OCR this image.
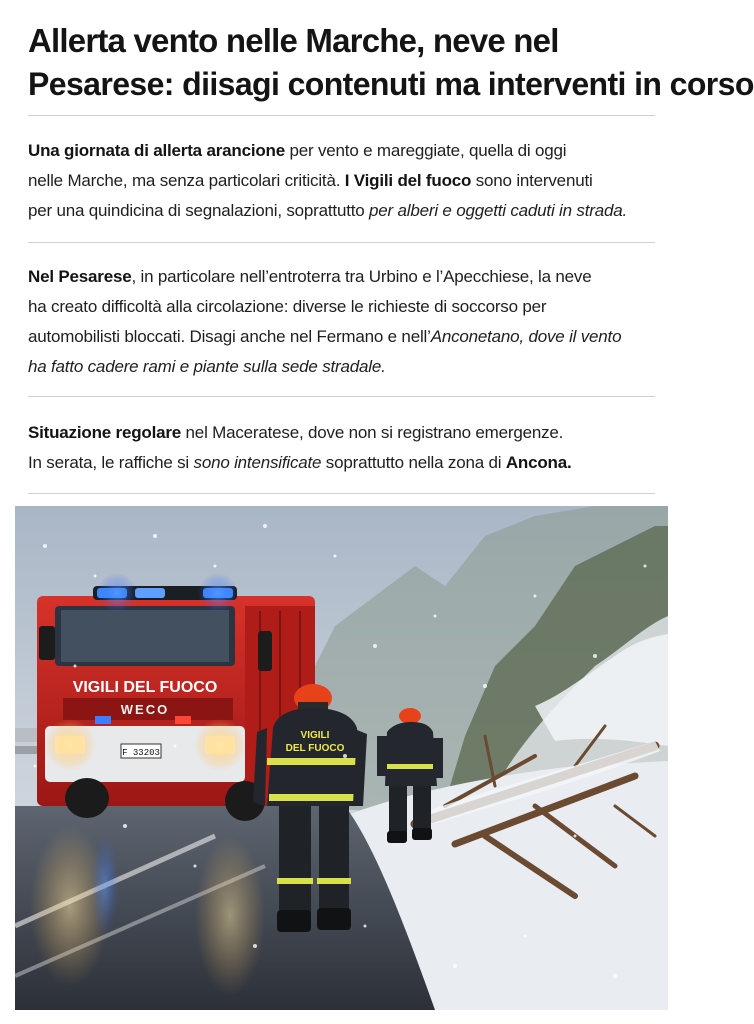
Allerta vento nelle Marche, neve nel
Pesarese: diisagi contenuti ma interventi in corso
Una giornata di allerta arancione per vento e mareggiate, quella di oggi
nelle Marche, ma senza particolari criticità. I Vigili del fuoco sono intervenuti
per una quindicina di segnalazioni, soprattutto per alberi e oggetti caduti in strada.
Nel Pesarese, in particolare nell’entroterra tra Urbino e l’Apecchiese, la neve
ha creato difficoltà alla circolazione: diverse le richieste di soccorso per
automobilisti bloccati. Disagi anche nel Fermano e nell’Anconetano, dove il vento
ha fatto cadere rami e piante sulla sede stradale.
Situazione regolare nel Maceratese, dove non si registrano emergenze.
In serata, le raffiche si sono intensificate soprattutto nella zona di Ancona.
VIGILI DEL FUOCO
WECO
F 33203
VIGILI
DEL FUOCO
